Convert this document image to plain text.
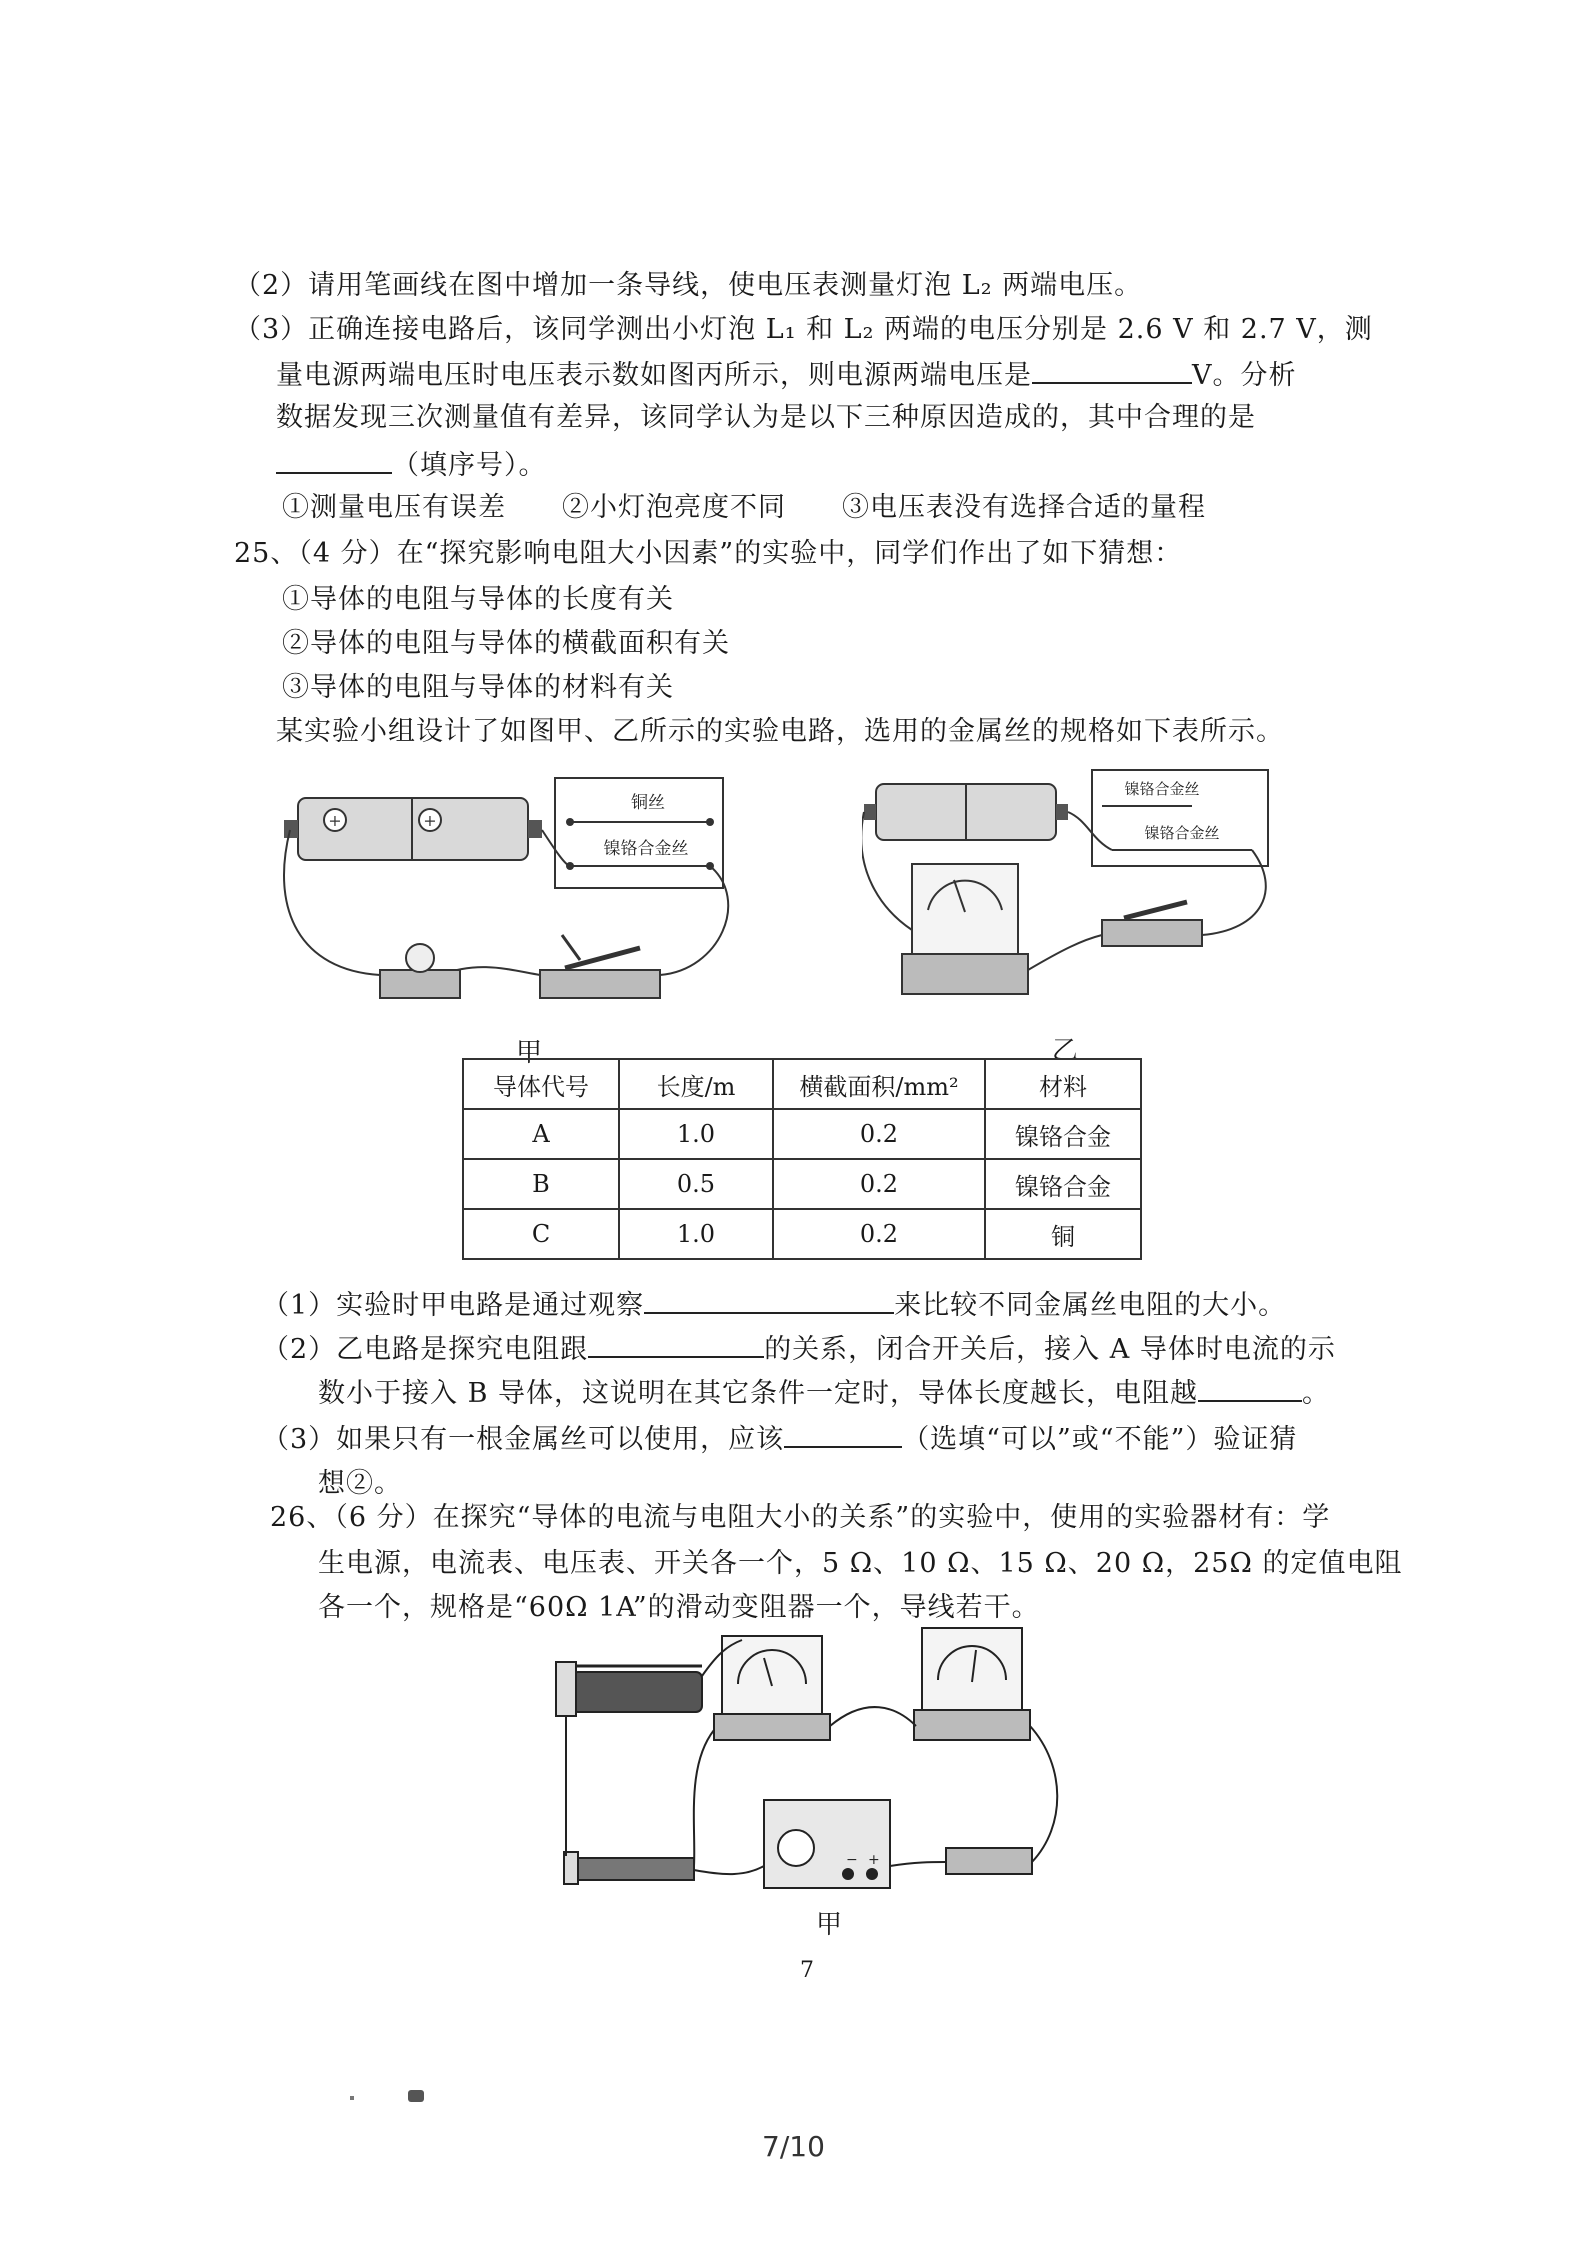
（2）请用笔画线在图中增加一条导线，使电压表测量灯泡 L₂ 两端电压。
（3）正确连接电路后，该同学测出小灯泡 L₁ 和 L₂ 两端的电压分别是 2.6 V 和 2.7 V，测
量电源两端电压时电压表示数如图丙所示，则电源两端电压是	V。分析
数据发现三次测量值有差异，该同学认为是以下三种原因造成的，其中合理的是
（填序号）。
①测量电压有误差　　②小灯泡亮度不同　　③电压表没有选择合适的量程
25、（4 分）在“探究影响电阻大小因素”的实验中，同学们作出了如下猜想：
①导体的电阻与导体的长度有关
②导体的电阻与导体的横截面积有关
③导体的电阻与导体的材料有关
某实验小组设计了如图甲、乙所示的实验电路，选用的金属丝的规格如下表所示。
+	+
铜丝
镍铬合金丝
甲
镍铬合金丝
镍铬合金丝
乙
导体代号	长度/m	横截面积/mm²	材料
A	1.0	0.2	镍铬合金
B	0.5	0.2	镍铬合金
C	1.0	0.2	铜
（1）实验时甲电路是通过观察	来比较不同金属丝电阻的大小。
（2）乙电路是探究电阻跟	的关系，闭合开关后，接入 A 导体时电流的示
数小于接入 B 导体，这说明在其它条件一定时，导体长度越长，电阻越	。
（3）如果只有一根金属丝可以使用，应该	（选填“可以”或“不能”）验证猜
想②。
26、（6 分）在探究“导体的电流与电阻大小的关系”的实验中，使用的实验器材有：学
生电源，电流表、电压表、开关各一个，5 Ω、10 Ω、15 Ω、20 Ω，25Ω 的定值电阻
各一个，规格是“60Ω 1A”的滑动变阻器一个，导线若干。
− +
甲
7
7/10
